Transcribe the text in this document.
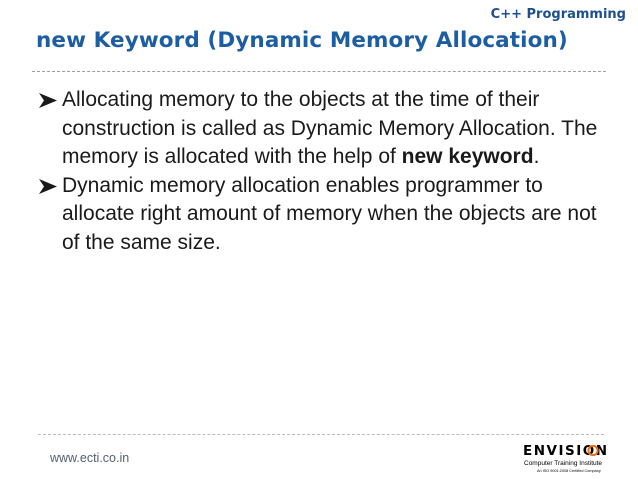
C++ Programming
new Keyword (Dynamic Memory Allocation)
Allocating memory to the objects at the time of their construction is called as Dynamic Memory Allocation. The memory is allocated with the help of new keyword.
Dynamic memory allocation enables programmer to allocate right amount of memory when the objects are not of the same size.
www.ecti.co.in	ENVISION
Computer Training Institute
An ISO 9001:2008 Certified Company
